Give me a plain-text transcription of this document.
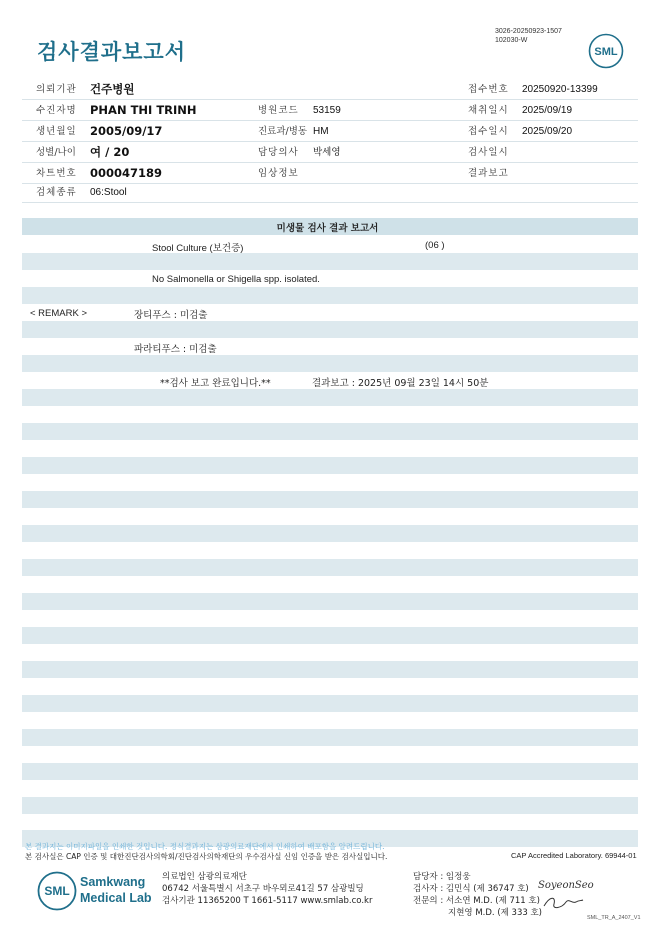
검사결과보고서
3026-20250923-1507
102030-W
SML
의뢰기관 건주병원	접수번호 20250920-13399
수진자명 PHAN THI TRINH	병원코드 53159	채취일시 2025/09/19
생년월일 2005/09/17	진료과/병동 HM	접수일시 2025/09/20
성별/나이 여 / 20	담당의사 박세영	검사일시
차트번호 000047189	임상정보	결과보고
검체종류 06:Stool
미생물 검사 결과 보고서
Stool Culture (보건증)	(06 )
No Salmonella or Shigella spp. isolated.
< REMARK >	장티푸스 : 미검출
파라티푸스 : 미검출
**검사 보고 완료입니다.**	결과보고 : 2025년 09월 23일 14시 50분
본 결과지는 이미지파일을 인쇄한 것입니다. 정식결과지는 삼광의료재단에서 인쇄하여 배포함을 알려드립니다.
본 검사실은 CAP 인증 및 대한진단검사의학회/진단검사의학재단의 우수검사실 신임 인증을 받은 검사실입니다.	CAP Accredited Laboratory. 69944-01
SML
Samkwang
Medical Lab
의료법인 삼광의료재단
06742 서울특별시 서초구 바우뫼로41길 57 삼광빌딩
검사기관 11365200 T 1661-5117 www.smlab.co.kr
담당자 : 임정웅
검사자 : 김민식 (제 36747 호)
전문의 : 서소연 M.D. (제 711 호)
지현영 M.D. (제 333 호)
SoyeonSeo
SML_TR_A_2407_V1
